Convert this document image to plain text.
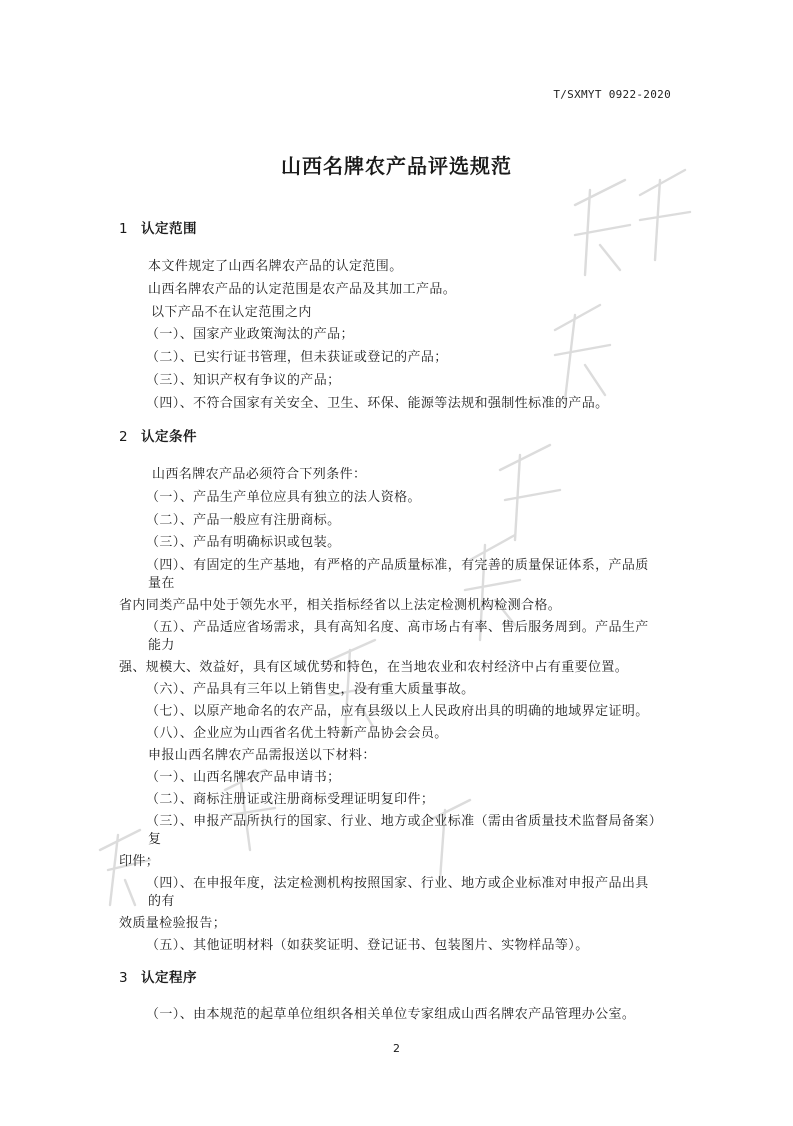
T/SXMYT 0922-2020
山西名牌农产品评选规范
1 认定范围
本文件规定了山西名牌农产品的认定范围。
山西名牌农产品的认定范围是农产品及其加工产品。
以下产品不在认定范围之内
（一）、国家产业政策淘汰的产品；
（二）、已实行证书管理，但未获证或登记的产品；
（三）、知识产权有争议的产品；
（四）、不符合国家有关安全、卫生、环保、能源等法规和强制性标准的产品。
2 认定条件
山西名牌农产品必须符合下列条件：
（一）、产品生产单位应具有独立的法人资格。
（二）、产品一般应有注册商标。
（三）、产品有明确标识或包装。
（四）、有固定的生产基地，有严格的产品质量标准，有完善的质量保证体系，产品质
量在
省内同类产品中处于领先水平，相关指标经省以上法定检测机构检测合格。
（五）、产品适应省场需求，具有高知名度、高市场占有率、售后服务周到。产品生产
能力
强、规模大、效益好，具有区域优势和特色，在当地农业和农村经济中占有重要位置。
（六）、产品具有三年以上销售史，没有重大质量事故。
（七）、以原产地命名的农产品，应有县级以上人民政府出具的明确的地域界定证明。
（八）、企业应为山西省名优土特新产品协会会员。
申报山西名牌农产品需报送以下材料：
（一）、山西名牌农产品申请书；
（二）、商标注册证或注册商标受理证明复印件；
（三）、申报产品所执行的国家、行业、地方或企业标准（需由省质量技术监督局备案）
复
印件；
（四）、在申报年度，法定检测机构按照国家、行业、地方或企业标准对申报产品出具
的有
效质量检验报告；
（五）、其他证明材料（如获奖证明、登记证书、包装图片、实物样品等）。
3 认定程序
（一）、由本规范的起草单位组织各相关单位专家组成山西名牌农产品管理办公室。
2
